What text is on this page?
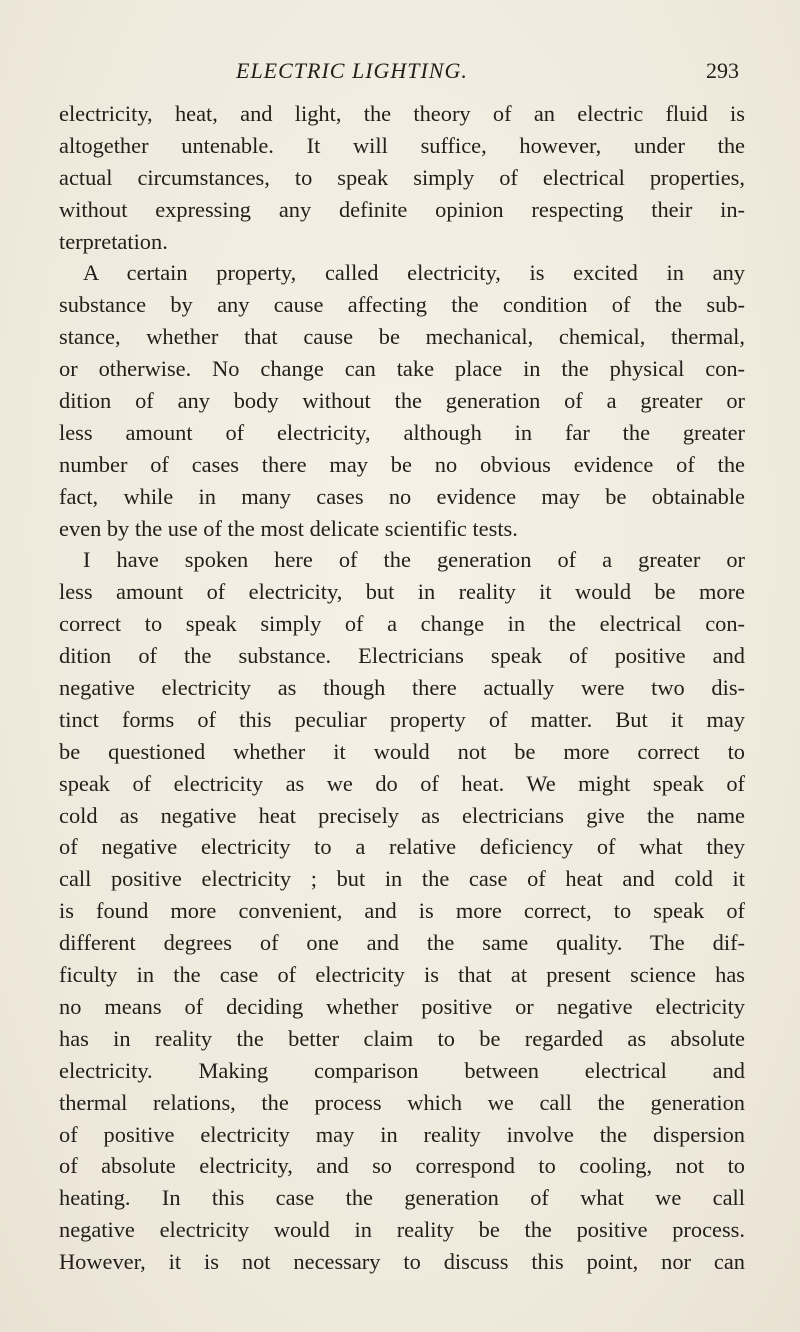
ELECTRIC LIGHTING.	293
electricity, heat, and light, the theory of an electric fluid is
altogether untenable. It will suffice, however, under the
actual circumstances, to speak simply of electrical properties,
without expressing any definite opinion respecting their in-
terpretation.
A certain property, called electricity, is excited in any
substance by any cause affecting the condition of the sub-
stance, whether that cause be mechanical, chemical, thermal,
or otherwise. No change can take place in the physical con-
dition of any body without the generation of a greater or
less amount of electricity, although in far the greater
number of cases there may be no obvious evidence of the
fact, while in many cases no evidence may be obtainable
even by the use of the most delicate scientific tests.
I have spoken here of the generation of a greater or
less amount of electricity, but in reality it would be more
correct to speak simply of a change in the electrical con-
dition of the substance. Electricians speak of positive and
negative electricity as though there actually were two dis-
tinct forms of this peculiar property of matter. But it may
be questioned whether it would not be more correct to
speak of electricity as we do of heat. We might speak of
cold as negative heat precisely as electricians give the name
of negative electricity to a relative deficiency of what they
call positive electricity ; but in the case of heat and cold it
is found more convenient, and is more correct, to speak of
different degrees of one and the same quality. The dif-
ficulty in the case of electricity is that at present science has
no means of deciding whether positive or negative electricity
has in reality the better claim to be regarded as absolute
electricity. Making comparison between electrical and
thermal relations, the process which we call the generation
of positive electricity may in reality involve the dispersion
of absolute electricity, and so correspond to cooling, not to
heating. In this case the generation of what we call
negative electricity would in reality be the positive process.
However, it is not necessary to discuss this point, nor can
